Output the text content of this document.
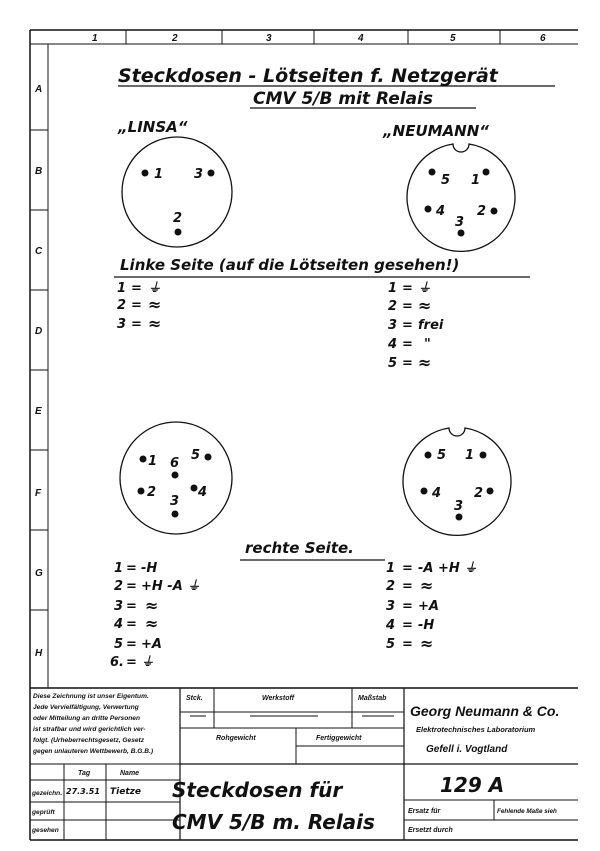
1	2	3	4	5	6
A
B
C
D
E
F
G
H
Steckdosen - Lötseiten f. Netzgerät
CMV 5/B mit Relais
„LINSA“	„NEUMANN“
1 3
2
5 1
4 2
3
Linke Seite (auf die Lötseiten gesehen!)
1 = ⏚
2 = ≈
3 = ≈
1 = ⏚
2 = ≈
3 = frei
4 = "
5 = ≈
1 6
5
2	4
3
5 1
4	2
3
rechte Seite.
1 = -H
2 = +H -A ⏚
3 = ≈
4 = ≈
5 = +A
6. = ⏚
1 = -A +H ⏚
2 = ≈
3 = +A
4 = -H
5 = ≈
Diese Zeichnung ist unser Eigentum.
Jede Vervielfältigung, Verwertung
oder Mitteilung an dritte Personen
ist strafbar und wird gerichtlich ver-
folgt. (Urheberrechtsgesetz, Gesetz
gegen unlauteren Wettbewerb, B.G.B.)
Stck.	Werkstoff	Maßstab
Rohgewicht	Fertiggewicht
Tag	Name
gezeichn.
geprüft
gesehen
27.3.51 Tietze Steckdosen für
CMV 5/B m. Relais
Georg Neumann & Co.
Elektrotechnisches Laboratorium
Gefell i. Vogtland
129 A
Ersatz für	Fehlende Maße sieh
Ersetzt durch
